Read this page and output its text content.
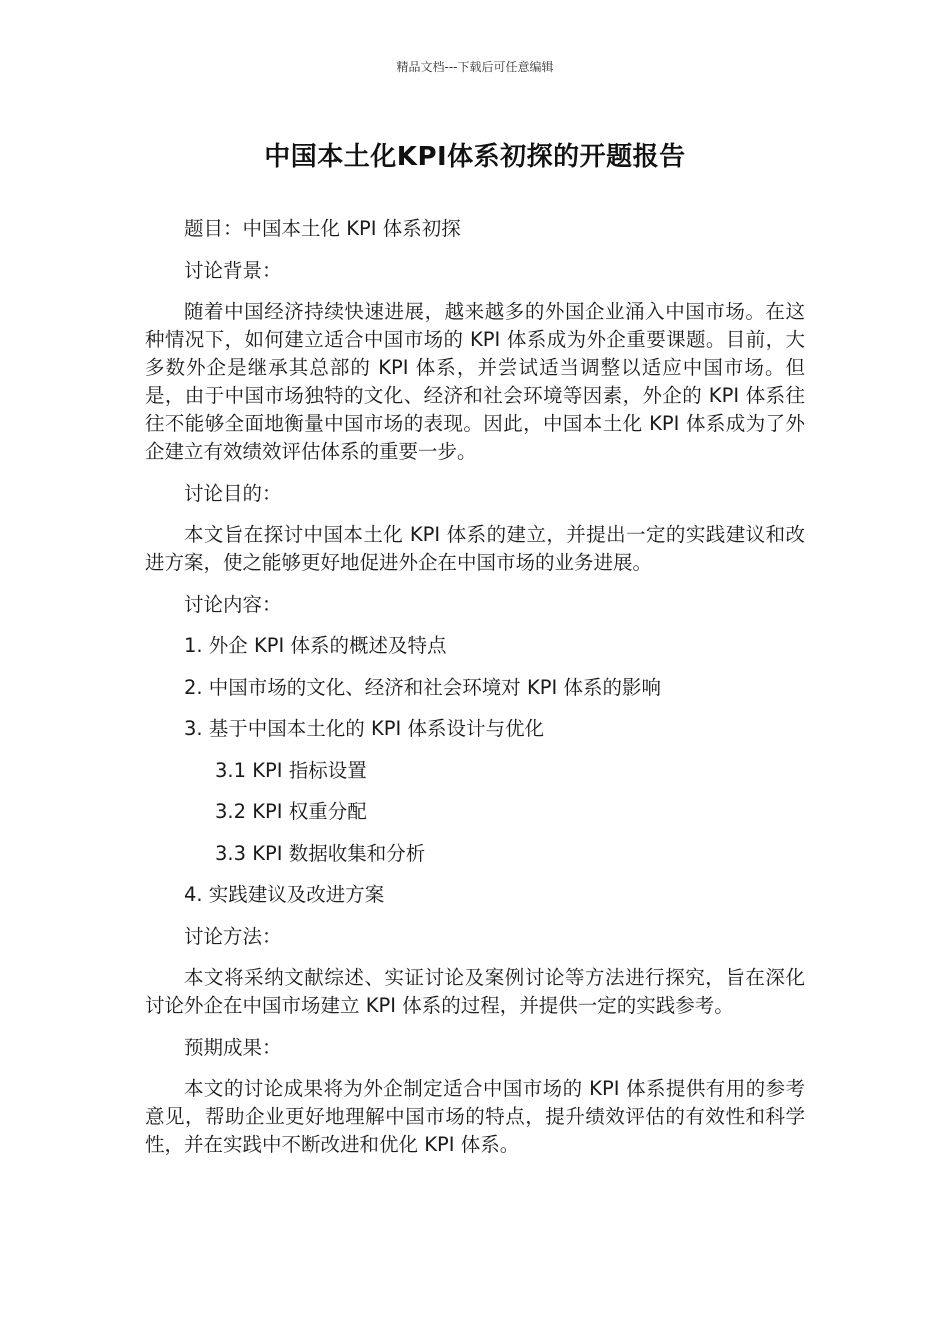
精品文档---下载后可任意编辑
中国本土化KPI体系初探的开题报告

题目：中国本土化 KPI 体系初探

讨论背景：

随着中国经济持续快速进展，越来越多的外国企业涌入中国市场。在这种情况下，如何建立适合中国市场的 KPI 体系成为外企重要课题。目前，大多数外企是继承其总部的 KPI 体系，并尝试适当调整以适应中国市场。但是，由于中国市场独特的文化、经济和社会环境等因素，外企的 KPI 体系往往不能够全面地衡量中国市场的表现。因此，中国本土化 KPI 体系成为了外企建立有效绩效评估体系的重要一步。

讨论目的：

本文旨在探讨中国本土化 KPI 体系的建立，并提出一定的实践建议和改进方案，使之能够更好地促进外企在中国市场的业务进展。

讨论内容：

1. 外企 KPI 体系的概述及特点

2. 中国市场的文化、经济和社会环境对 KPI 体系的影响

3. 基于中国本土化的 KPI 体系设计与优化

3.1 KPI 指标设置

3.2 KPI 权重分配

3.3 KPI 数据收集和分析

4. 实践建议及改进方案

讨论方法：

本文将采纳文献综述、实证讨论及案例讨论等方法进行探究，旨在深化讨论外企在中国市场建立 KPI 体系的过程，并提供一定的实践参考。

预期成果：

本文的讨论成果将为外企制定适合中国市场的 KPI 体系提供有用的参考意见，帮助企业更好地理解中国市场的特点，提升绩效评估的有效性和科学性，并在实践中不断改进和优化 KPI 体系。
